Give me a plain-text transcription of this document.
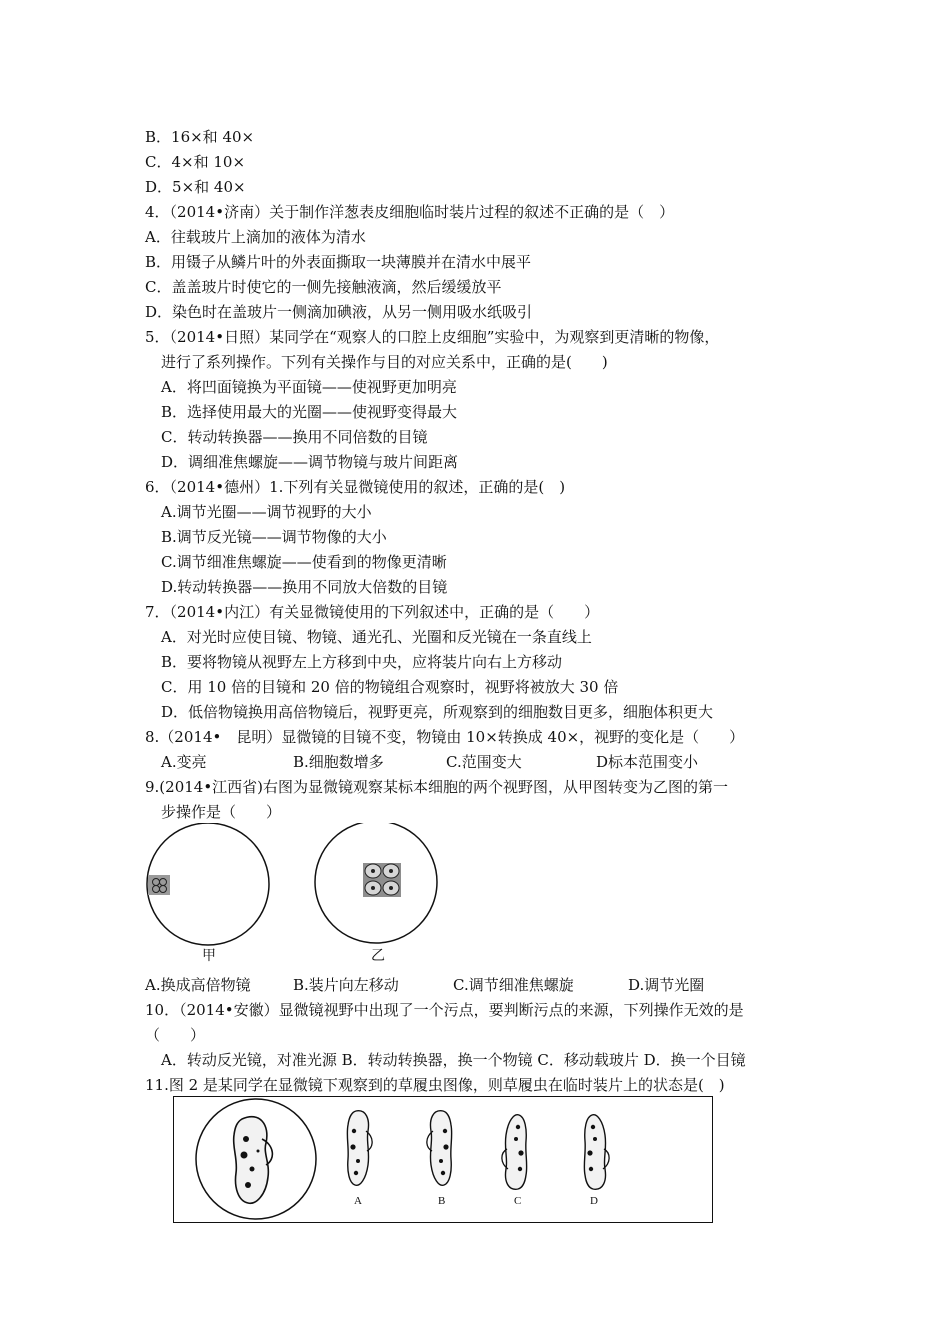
B．16×和 40×
C．4×和 10×
D．5×和 40×
4．（2014•济南）关于制作洋葱表皮细胞临时装片过程的叙述不正确的是（　）
A．往载玻片上滴加的液体为清水
B．用镊子从鳞片叶的外表面撕取一块薄膜并在清水中展平
C．盖盖玻片时使它的一侧先接触液滴，然后缓缓放平
D．染色时在盖玻片一侧滴加碘液，从另一侧用吸水纸吸引
5．（2014•日照）某同学在“观察人的口腔上皮细胞”实验中，为观察到更清晰的物像，
进行了系列操作。下列有关操作与目的对应关系中，正确的是(　　)
A．将凹面镜换为平面镜——使视野更加明亮
B．选择使用最大的光圈——使视野变得最大
C．转动转换器——换用不同倍数的目镜
D．调细准焦螺旋——调节物镜与玻片间距离
6．（2014•德州）1.下列有关显微镜使用的叙述，正确的是(　)
A.调节光圈——调节视野的大小
B.调节反光镜——调节物像的大小
C.调节细准焦螺旋——使看到的物像更清晰
D.转动转换器——换用不同放大倍数的目镜
7．（2014•内江）有关显微镜使用的下列叙述中，正确的是（　　）
A．对光时应使目镜、物镜、通光孔、光圈和反光镜在一条直线上
B．要将物镜从视野左上方移到中央，应将装片向右上方移动
C．用 10 倍的目镜和 20 倍的物镜组合观察时，视野将被放大 30 倍
D．低倍物镜换用高倍物镜后，视野更亮，所观察到的细胞数目更多，细胞体积更大
8.（2014•　昆明）显微镜的目镜不变，物镜由 10×转换成 40×，视野的变化是（　　）
A.变亮	B.细胞数增多	C.范围变大	D标本范围变小
9.(2014•江西省)右图为显微镜观察某标本细胞的两个视野图，从甲图转变为乙图的第一
步操作是（　　）
甲	乙
A.换成高倍物镜	B.装片向左移动	C.调节细准焦螺旋	D.调节光圈
10．（2014•安徽）显微镜视野中出现了一个污点，要判断污点的来源，下列操作无效的是
（　　）
A．转动反光镜，对准光源 B．转动转换器，换一个物镜 C．移动载玻片 D．换一个目镜
11.图 2 是某同学在显微镜下观察到的草履虫图像，则草履虫在临时装片上的状态是(　)
A	B	C	D
